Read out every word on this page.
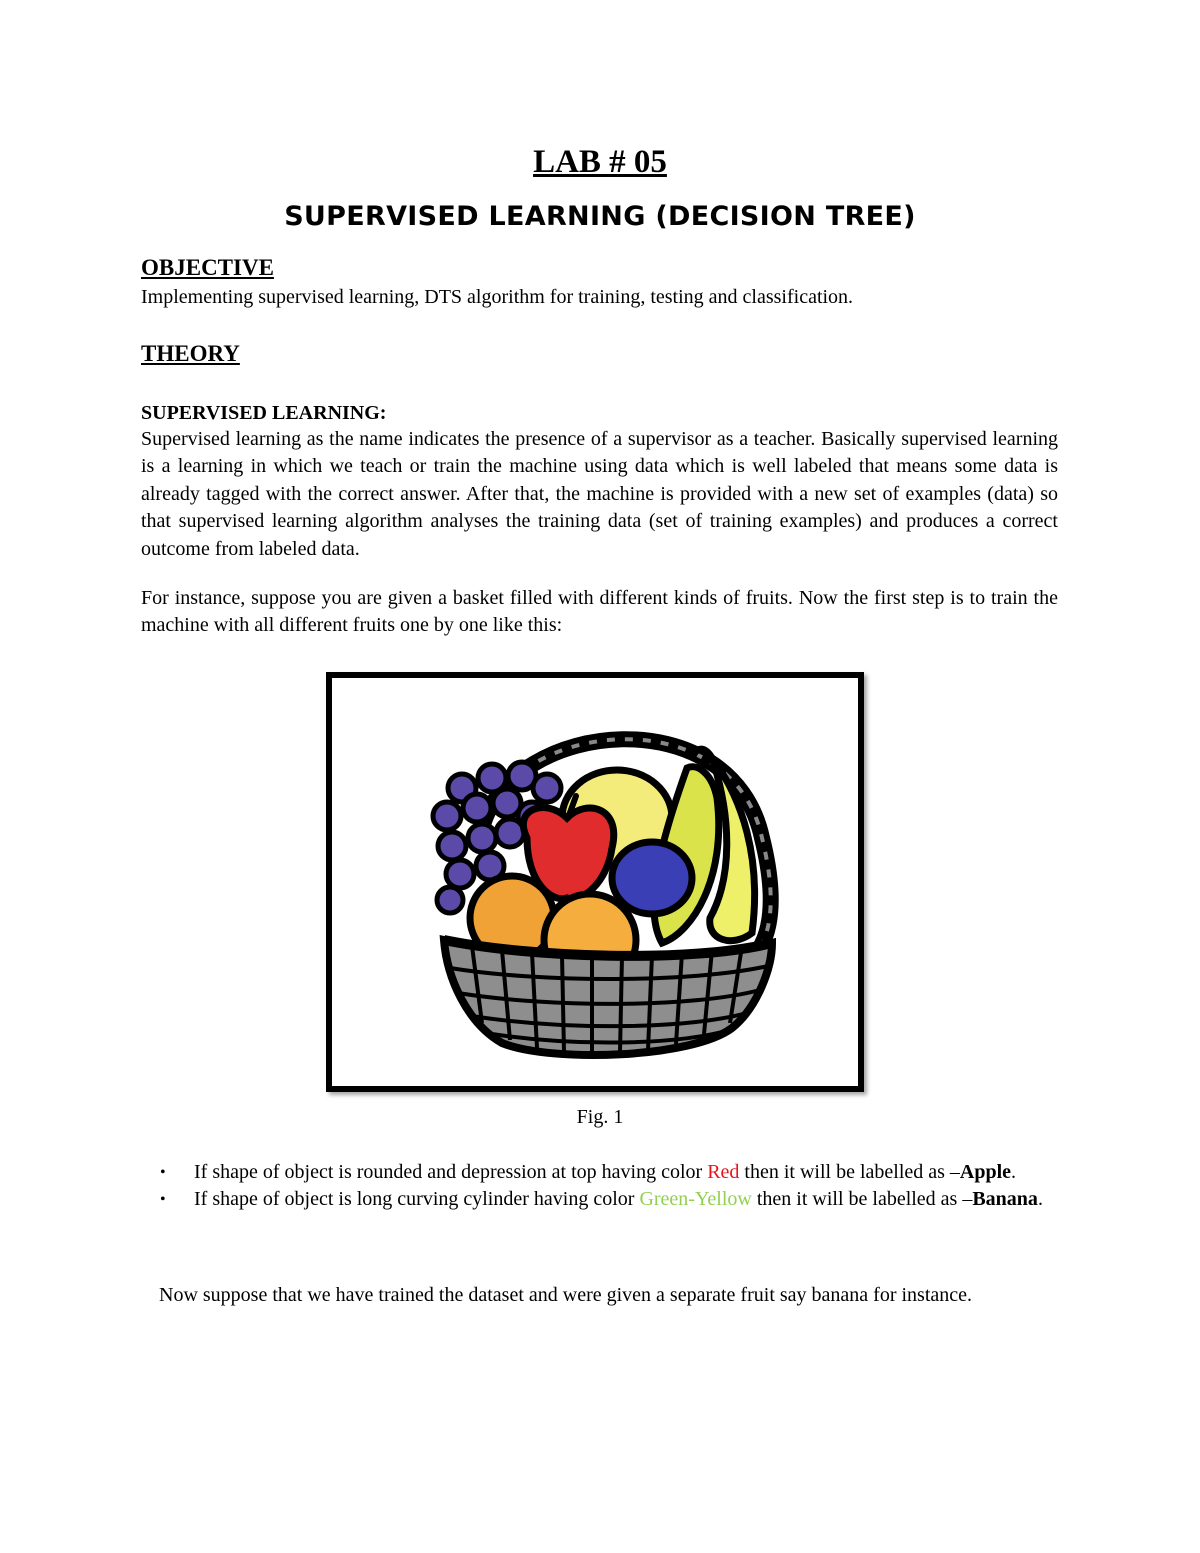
LAB # 05
SUPERVISED LEARNING (DECISION TREE)
OBJECTIVE
Implementing supervised learning, DTS algorithm for training, testing and classification.
THEORY
SUPERVISED LEARNING:
Supervised learning as the name indicates the presence of a supervisor as a teacher. Basically supervised learning is a learning in which we teach or train the machine using data which is well labeled that means some data is already tagged with the correct answer. After that, the machine is provided with a new set of examples (data) so that supervised learning algorithm analyses the training data (set of training examples) and produces a correct outcome from labeled data.
For instance, suppose you are given a basket filled with different kinds of fruits. Now the first step is to train the machine with all different fruits one by one like this:
Fig. 1
• If shape of object is rounded and depression at top having color Red then it will be labelled as –Apple.
• If shape of object is long curving cylinder having color Green-Yellow then it will be labelled as –Banana.
Now suppose that we have trained the dataset and were given a separate fruit say banana for instance.
